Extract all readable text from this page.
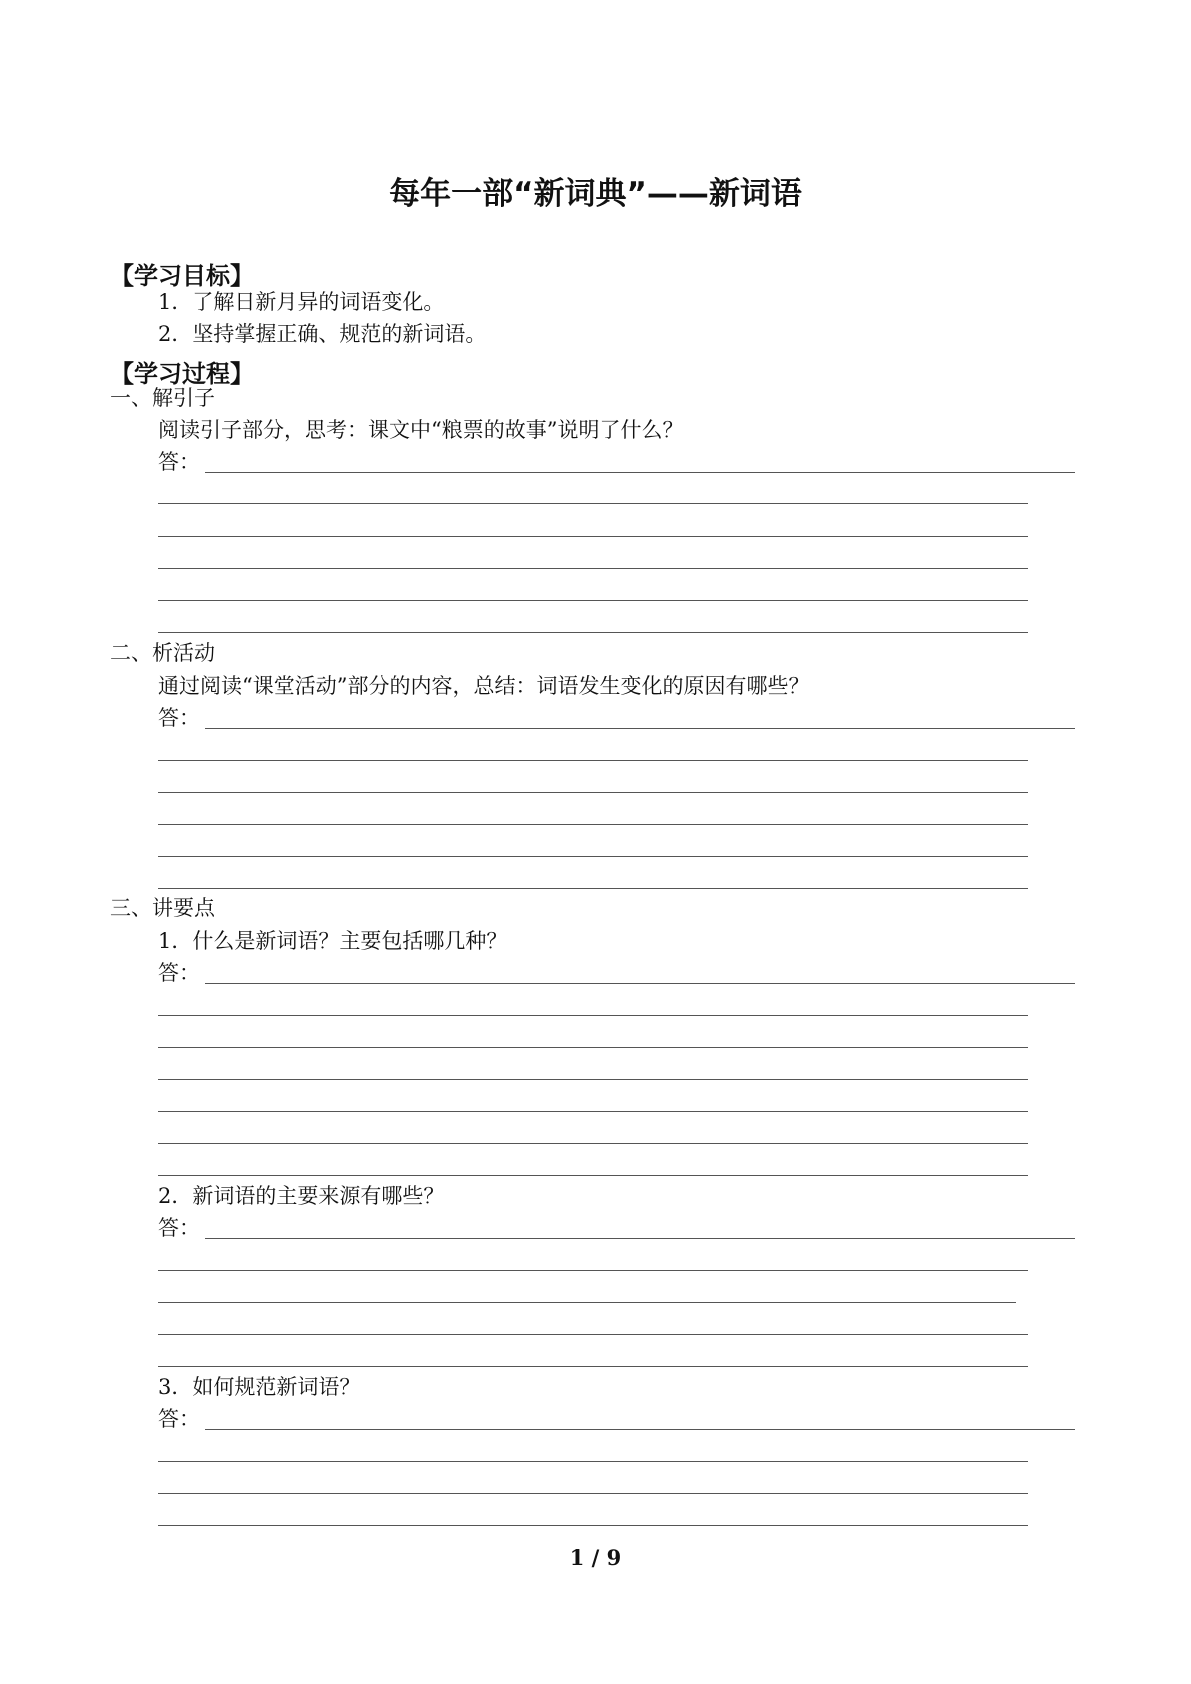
每年一部“新词典”——新词语
【学习目标】
1．了解日新月异的词语变化。
2．坚持掌握正确、规范的新词语。
【学习过程】
一、解引子
阅读引子部分，思考：课文中“粮票的故事”说明了什么？
答：
二、析活动
通过阅读“课堂活动”部分的内容，总结：词语发生变化的原因有哪些？
答：
三、讲要点
1．什么是新词语？主要包括哪几种？
答：
2．新词语的主要来源有哪些？
答：
3．如何规范新词语？
答：
1 / 9
